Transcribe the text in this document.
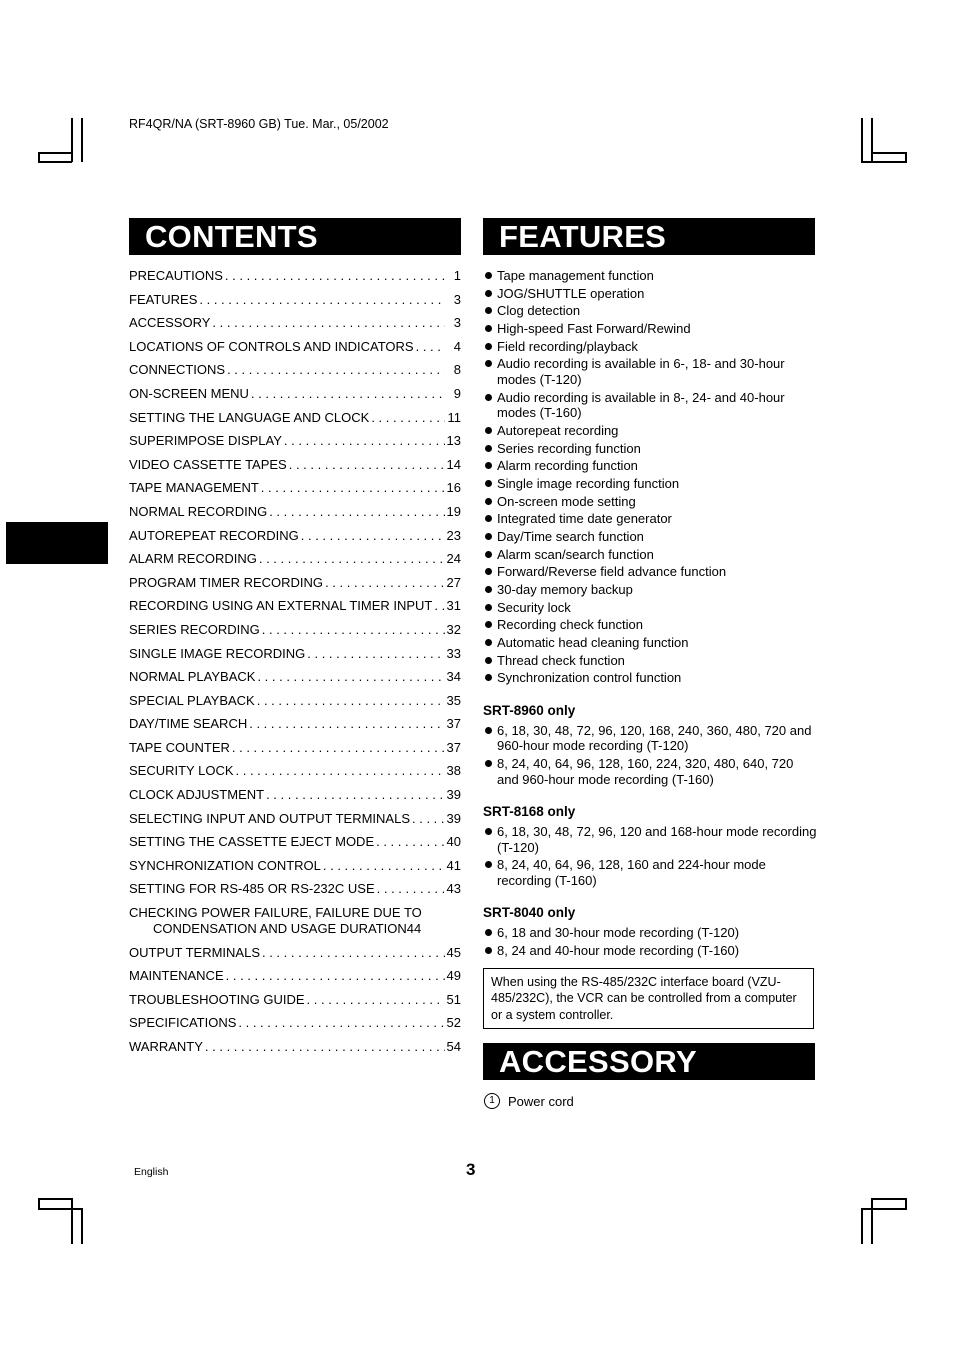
RF4QR/NA (SRT-8960 GB) Tue. Mar., 05/2002
CONTENTS
PRECAUTIONS . . .	1
FEATURES . . .	3
ACCESSORY . . .	3
LOCATIONS OF CONTROLS AND INDICATORS . . .	4
CONNECTIONS . . .	8
ON-SCREEN MENU . . .	9
SETTING THE LANGUAGE AND CLOCK . . .	11
SUPERIMPOSE DISPLAY . . .	13
VIDEO CASSETTE TAPES . . .	14
TAPE MANAGEMENT . . .	16
NORMAL RECORDING . . .	19
AUTOREPEAT RECORDING . . .	23
ALARM RECORDING . . .	24
PROGRAM TIMER RECORDING . . .	27
RECORDING USING AN EXTERNAL TIMER INPUT . . . 31
SERIES RECORDING . . .	32
SINGLE IMAGE RECORDING . . .	33
NORMAL PLAYBACK . . .	34
SPECIAL PLAYBACK . . .	35
DAY/TIME SEARCH . . .	37
TAPE COUNTER . . .	37
SECURITY LOCK . . .	38
CLOCK ADJUSTMENT . . .	39
SELECTING INPUT AND OUTPUT TERMINALS . . .	39
SETTING THE CASSETTE EJECT MODE . . .	40
SYNCHRONIZATION CONTROL . . .	41
SETTING FOR RS-485 OR RS-232C USE . . .	43
CHECKING POWER FAILURE, FAILURE DUE TO
CONDENSATION AND USAGE DURATION 44
OUTPUT TERMINALS . . .	45
MAINTENANCE . . .	49
TROUBLESHOOTING GUIDE . . .	51
SPECIFICATIONS . . .	52
WARRANTY . . .	54
FEATURES
Tape management function
JOG/SHUTTLE operation
Clog detection
High-speed Fast Forward/Rewind
Field recording/playback
Audio recording is available in 6-, 18- and 30-hour modes (T-120)
Audio recording is available in 8-, 24- and 40-hour modes (T-160)
Autorepeat recording
Series recording function
Alarm recording function
Single image recording function
On-screen mode setting
Integrated time date generator
Day/Time search function
Alarm scan/search function
Forward/Reverse field advance function
30-day memory backup
Security lock
Recording check function
Automatic head cleaning function
Thread check function
Synchronization control function
SRT-8960 only
6, 18, 30, 48, 72, 96, 120, 168, 240, 360, 480, 720 and 960-hour mode recording (T-120)
8, 24, 40, 64, 96, 128, 160, 224, 320, 480, 640, 720 and 960-hour mode recording (T-160)
SRT-8168 only
6, 18, 30, 48, 72, 96, 120 and 168-hour mode recording (T-120)
8, 24, 40, 64, 96, 128, 160 and 224-hour mode recording (T-160)
SRT-8040 only
6, 18 and 30-hour mode recording (T-120)
8, 24 and 40-hour mode recording (T-160)
When using the RS-485/232C interface board (VZU-485/232C), the VCR can be controlled from a computer or a system controller.
ACCESSORY
1	Power cord
English	3
